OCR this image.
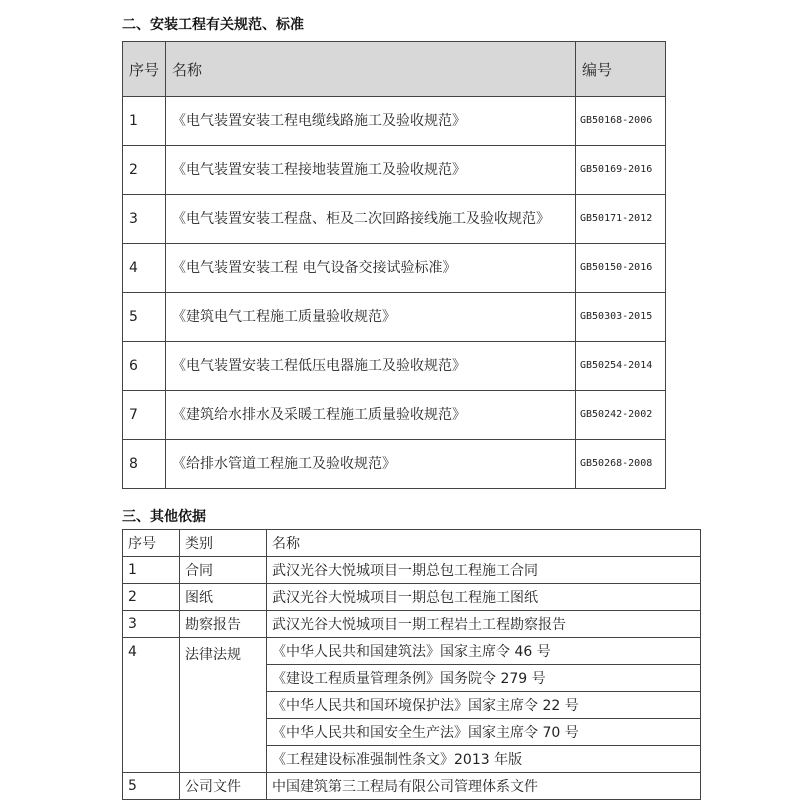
二、安装工程有关规范、标准
序号	名称	编号
1	《电气装置安装工程电缆线路施工及验收规范》	GB50168-2006
2	《电气装置安装工程接地装置施工及验收规范》	GB50169-2016
3	《电气装置安装工程盘、柜及二次回路接线施工及验收规范》	GB50171-2012
4	《电气装置安装工程 电气设备交接试验标准》	GB50150-2016
5	《建筑电气工程施工质量验收规范》	GB50303-2015
6	《电气装置安装工程低压电器施工及验收规范》	GB50254-2014
7	《建筑给水排水及采暖工程施工质量验收规范》	GB50242-2002
8	《给排水管道工程施工及验收规范》	GB50268-2008
三、其他依据
序号	类别	名称
1	合同	武汉光谷大悦城项目一期总包工程施工合同
2	图纸	武汉光谷大悦城项目一期总包工程施工图纸
3	勘察报告	武汉光谷大悦城项目一期工程岩土工程勘察报告
4	法律法规	《中华人民共和国建筑法》国家主席令 46 号
		《建设工程质量管理条例》国务院令 279 号
		《中华人民共和国环境保护法》国家主席令 22 号
		《中华人民共和国安全生产法》国家主席令 70 号
		《工程建设标准强制性条文》2013 年版
5	公司文件	中国建筑第三工程局有限公司管理体系文件
